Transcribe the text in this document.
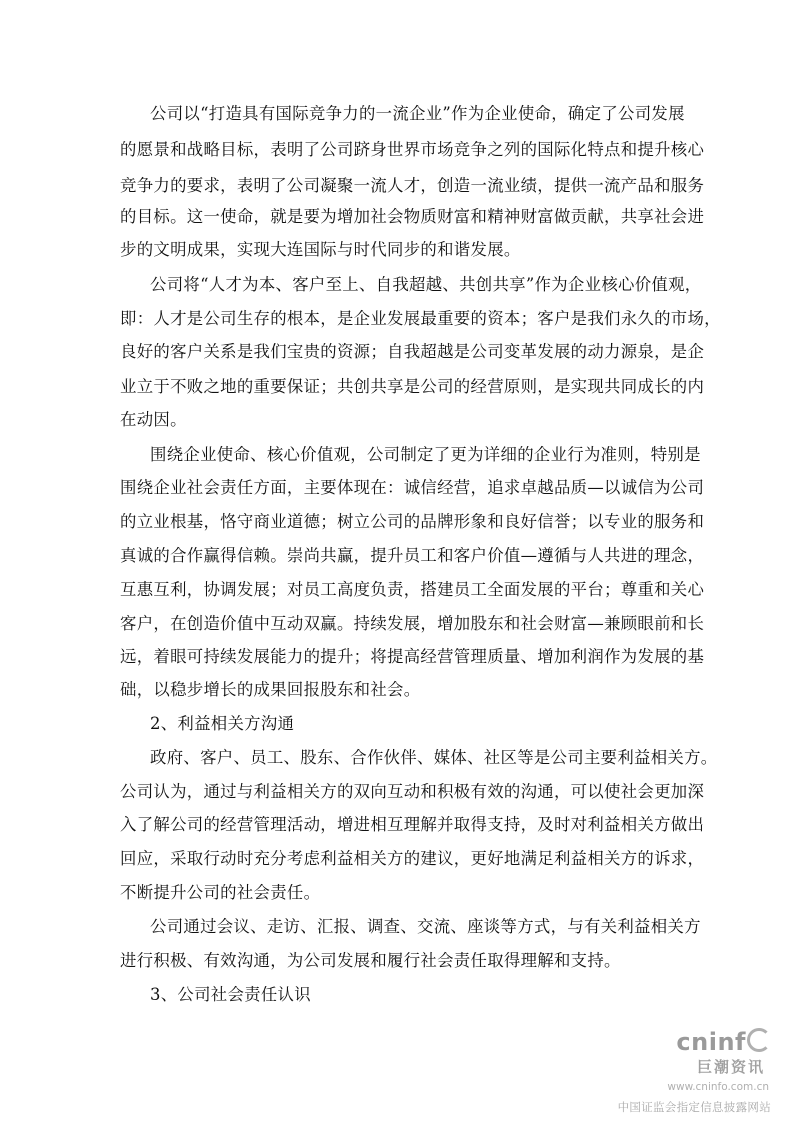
公司以“打造具有国际竞争力的一流企业”作为企业使命，确定了公司发展
的愿景和战略目标，表明了公司跻身世界市场竞争之列的国际化特点和提升核心
竞争力的要求，表明了公司凝聚一流人才，创造一流业绩，提供一流产品和服务
的目标。这一使命，就是要为增加社会物质财富和精神财富做贡献，共享社会进
步的文明成果，实现大连国际与时代同步的和谐发展。
公司将“人才为本、客户至上、自我超越、共创共享”作为企业核心价值观，
即：人才是公司生存的根本，是企业发展最重要的资本；客户是我们永久的市场，
良好的客户关系是我们宝贵的资源；自我超越是公司变革发展的动力源泉，是企
业立于不败之地的重要保证；共创共享是公司的经营原则，是实现共同成长的内
在动因。
围绕企业使命、核心价值观，公司制定了更为详细的企业行为准则，特别是
围绕企业社会责任方面，主要体现在：诚信经营，追求卓越品质—以诚信为公司
的立业根基，恪守商业道德；树立公司的品牌形象和良好信誉；以专业的服务和
真诚的合作赢得信赖。崇尚共赢，提升员工和客户价值—遵循与人共进的理念，
互惠互利，协调发展；对员工高度负责，搭建员工全面发展的平台；尊重和关心
客户，在创造价值中互动双赢。持续发展，增加股东和社会财富—兼顾眼前和长
远，着眼可持续发展能力的提升；将提高经营管理质量、增加利润作为发展的基
础，以稳步增长的成果回报股东和社会。
2、利益相关方沟通
政府、客户、员工、股东、合作伙伴、媒体、社区等是公司主要利益相关方。
公司认为，通过与利益相关方的双向互动和积极有效的沟通，可以使社会更加深
入了解公司的经营管理活动，增进相互理解并取得支持，及时对利益相关方做出
回应，采取行动时充分考虑利益相关方的建议，更好地满足利益相关方的诉求，
不断提升公司的社会责任。
公司通过会议、走访、汇报、调查、交流、座谈等方式，与有关利益相关方
进行积极、有效沟通，为公司发展和履行社会责任取得理解和支持。
3、公司社会责任认识
cninf
巨潮资讯
www.cninfo.com.cn
中国证监会指定信息披露网站
